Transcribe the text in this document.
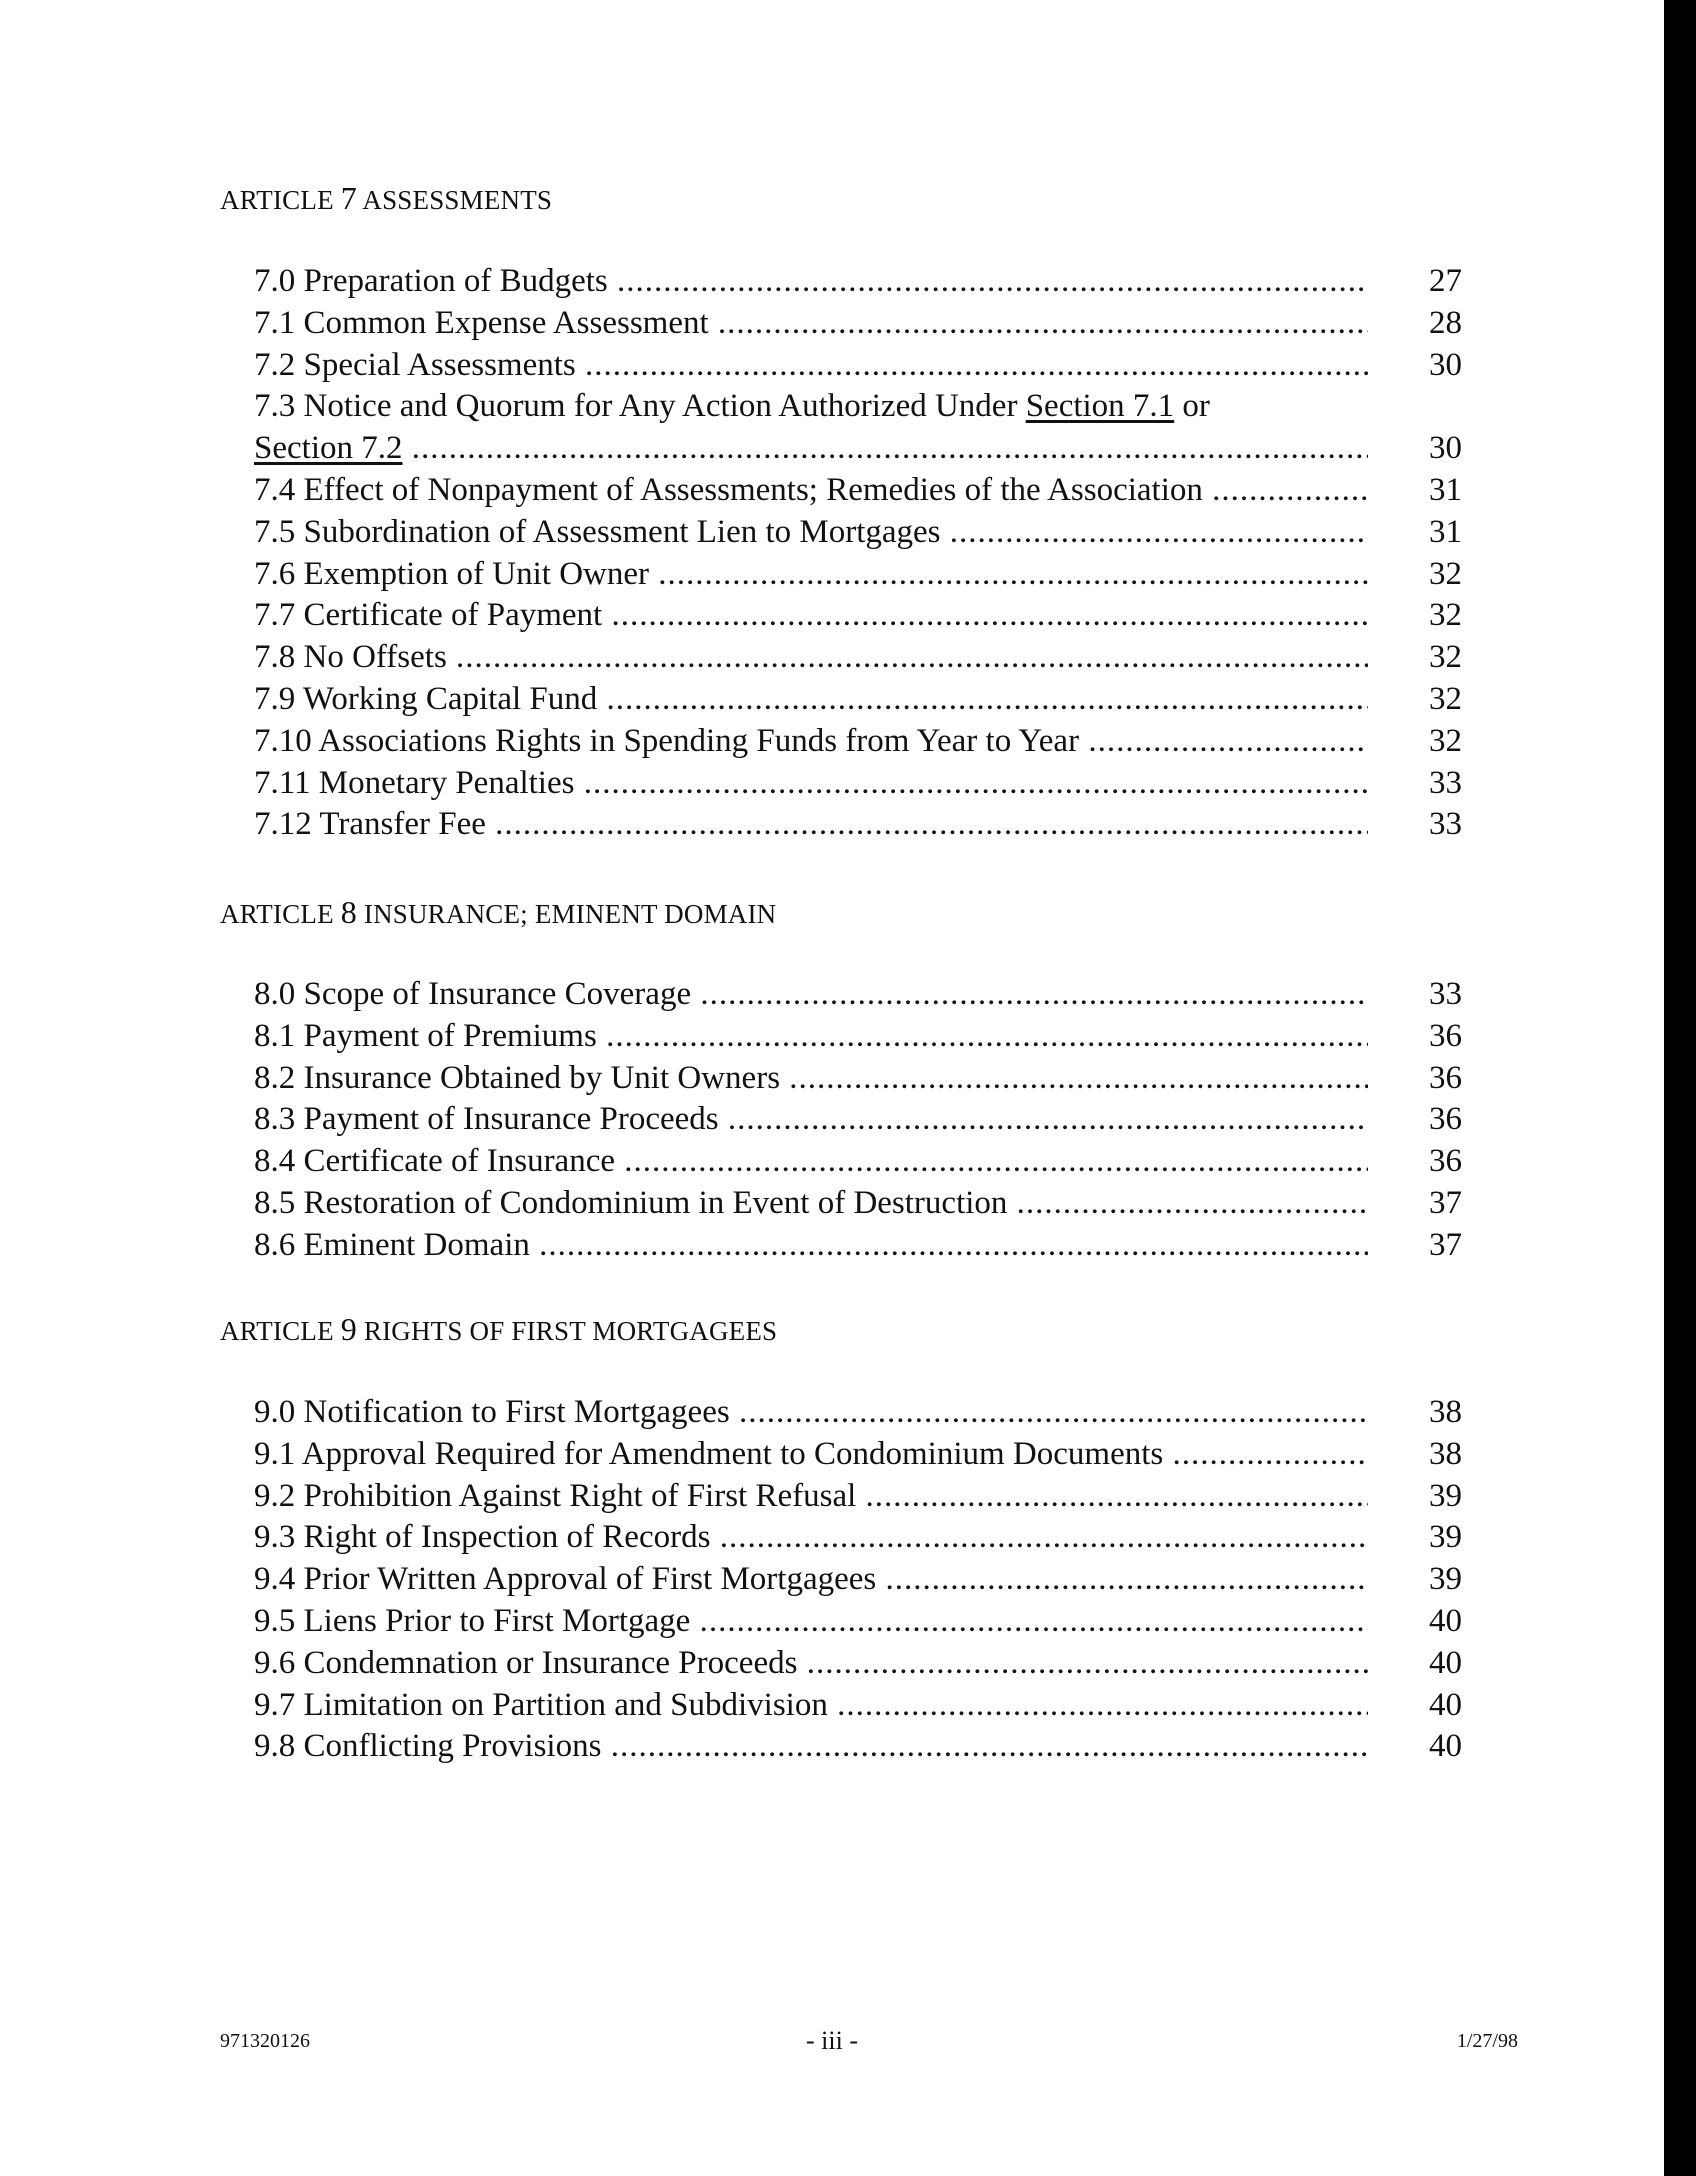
ARTICLE 7 ASSESSMENTS
7.0 Preparation of Budgets .....	27
7.1 Common Expense Assessment .....	28
7.2 Special Assessments .....	30
7.3 Notice and Quorum for Any Action Authorized Under Section 7.1 or
Section 7.2 .....	30
7.4 Effect of Nonpayment of Assessments; Remedies of the Association .....	31
7.5 Subordination of Assessment Lien to Mortgages .....	31
7.6 Exemption of Unit Owner .....	32
7.7 Certificate of Payment .....	32
7.8 No Offsets .....	32
7.9 Working Capital Fund .....	32
7.10 Associations Rights in Spending Funds from Year to Year .....	32
7.11 Monetary Penalties .....	33
7.12 Transfer Fee .....	33
ARTICLE 8 INSURANCE; EMINENT DOMAIN
8.0 Scope of Insurance Coverage .....	33
8.1 Payment of Premiums .....	36
8.2 Insurance Obtained by Unit Owners .....	36
8.3 Payment of Insurance Proceeds .....	36
8.4 Certificate of Insurance .....	36
8.5 Restoration of Condominium in Event of Destruction .....	37
8.6 Eminent Domain .....	37
ARTICLE 9 RIGHTS OF FIRST MORTGAGEES
9.0 Notification to First Mortgagees .....	38
9.1 Approval Required for Amendment to Condominium Documents .....	38
9.2 Prohibition Against Right of First Refusal .....	39
9.3 Right of Inspection of Records .....	39
9.4 Prior Written Approval of First Mortgagees .....	39
9.5 Liens Prior to First Mortgage .....	40
9.6 Condemnation or Insurance Proceeds .....	40
9.7 Limitation on Partition and Subdivision .....	40
9.8 Conflicting Provisions .....	40
971320126	- iii -	1/27/98
